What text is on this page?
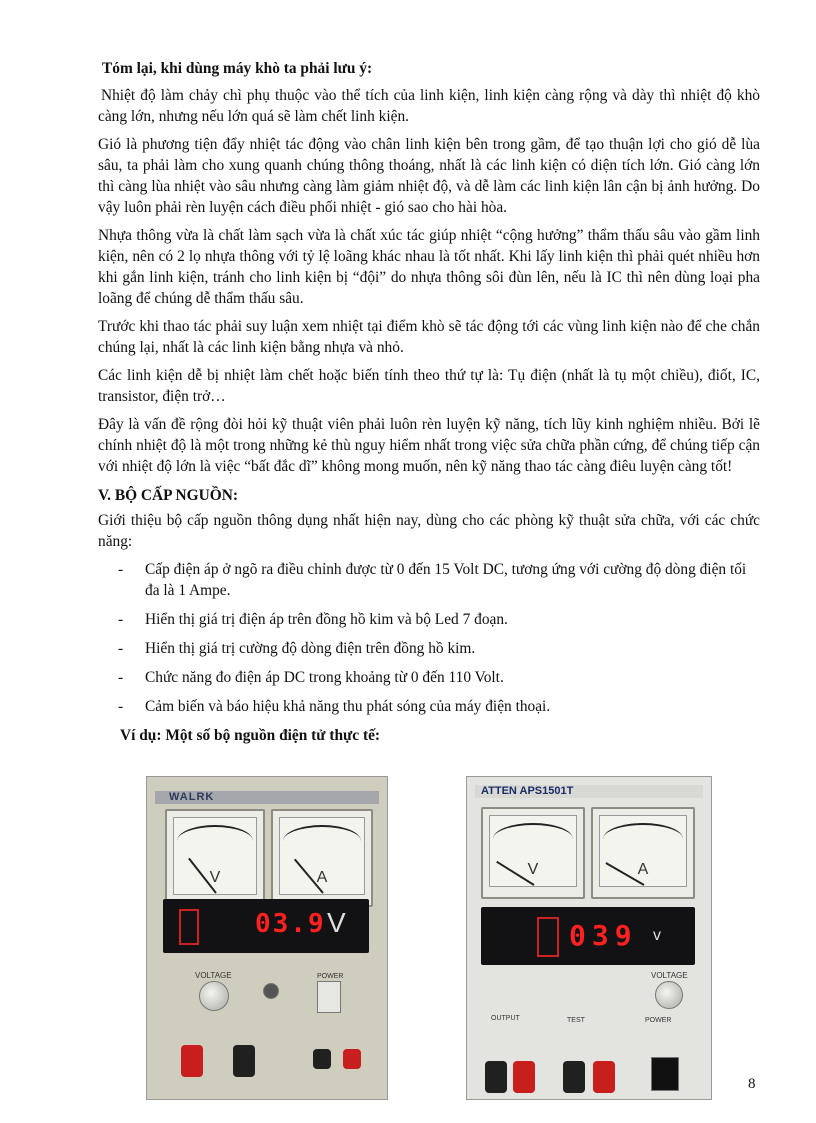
Tóm lại, khi dùng máy khò ta phải lưu ý:

Nhiệt độ làm chảy chì phụ thuộc vào thể tích của linh kiện, linh kiện càng rộng và dày thì nhiệt độ khò càng lớn, nhưng nếu lớn quá sẽ làm chết linh kiện.

Gió là phương tiện đẩy nhiệt tác động vào chân linh kiện bên trong gầm, để tạo thuận lợi cho gió dễ lùa sâu, ta phải làm cho xung quanh chúng thông thoáng, nhất là các linh kiện có diện tích lớn. Gió càng lớn thì càng lùa nhiệt vào sâu nhưng càng làm giảm nhiệt độ, và dễ làm các linh kiện lân cận bị ảnh hưởng. Do vậy luôn phải rèn luyện cách điều phối nhiệt - gió sao cho hài hòa.

Nhựa thông vừa là chất làm sạch vừa là chất xúc tác giúp nhiệt “cộng hưởng” thẩm thấu sâu vào gầm linh kiện, nên có 2 lọ nhựa thông với tỷ lệ loãng khác nhau là tốt nhất. Khi lấy linh kiện thì phải quét nhiều hơn khi gắn linh kiện, tránh cho linh kiện bị “đội” do nhựa thông sôi đùn lên, nếu là IC thì nên dùng loại pha loãng để chúng dễ thẩm thấu sâu.

Trước khi thao tác phải suy luận xem nhiệt tại điểm khò sẽ tác động tới các vùng linh kiện nào để che chắn chúng lại, nhất là các linh kiện bằng nhựa và nhỏ.

Các linh kiện dễ bị nhiệt làm chết hoặc biến tính theo thứ tự là: Tụ điện (nhất là tụ một chiều), điốt, IC, transistor, điện trở…

Đây là vấn đề rộng đòi hỏi kỹ thuật viên phải luôn rèn luyện kỹ năng, tích lũy kinh nghiệm nhiều. Bởi lẽ chính nhiệt độ là một trong những kẻ thù nguy hiểm nhất trong việc sửa chữa phần cứng, để chúng tiếp cận với nhiệt độ lớn là việc “bất đắc dĩ” không mong muốn, nên kỹ năng thao tác càng điêu luyện càng tốt!

V. BỘ CẤP NGUỒN:

Giới thiệu bộ cấp nguồn thông dụng nhất hiện nay, dùng cho các phòng kỹ thuật sửa chữa, với các chức năng:

- Cấp điện áp ở ngõ ra điều chỉnh được từ 0 đến 15 Volt DC, tương ứng với cường độ dòng điện tối đa là 1 Ampe.
- Hiển thị giá trị điện áp trên đồng hồ kim và bộ Led 7 đoạn.
- Hiển thị giá trị cường độ dòng điện trên đồng hồ kim.
- Chức năng đo điện áp DC trong khoảng từ 0 đến 110 Volt.
- Cảm biến và báo hiệu khả năng thu phát sóng của máy điện thoại.
Ví dụ: Một số bộ nguồn điện tử thực tế:
WALRK
V	A
03.9 V
VOLTAGE	POWER
ATTEN APS1501T
V	A
039 v
VOLTAGE
OUTPUT	TEST	POWER
8
